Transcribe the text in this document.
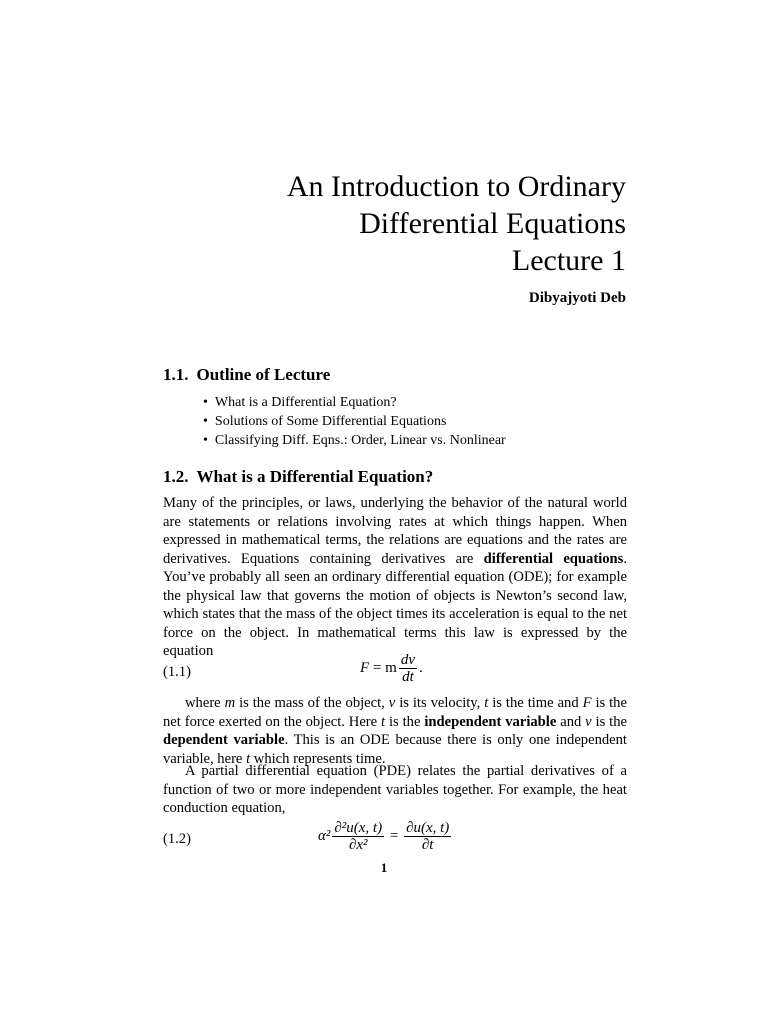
An Introduction to Ordinary
Differential Equations
Lecture 1
Dibyajyoti Deb
1.1. Outline of Lecture
• What is a Differential Equation?
• Solutions of Some Differential Equations
• Classifying Diff. Eqns.: Order, Linear vs. Nonlinear
1.2. What is a Differential Equation?

Many of the principles, or laws, underlying the behavior of the natural world are statements or relations involving rates at which things happen. When expressed in mathematical terms, the relations are equations and the rates are derivatives. Equations containing derivatives are differential equations. You’ve probably all seen an ordinary differential equation (ODE); for example the physical law that governs the motion of objects is Newton’s second law, which states that the mass of the object times its acceleration is equal to the net force on the object. In mathematical terms this law is expressed by the equation

(1.1)	F
= m $\frac{dv}{dt}$ .

where m is the mass of the object, v is its velocity, t is the time and F is the net force exerted on the object. Here t is the independent variable and v is the dependent variable. This is an ODE because there is only one independent variable, here t which represents time.

A partial differential equation (PDE) relates the partial derivatives of a function of two or more independent variables together. For example, the heat conduction equation,

(1.2)	$\alpha^2 \frac{\text{∂²u(x, t)}}{\text{∂x²}}$
=
$\frac{\partial u(x, t)}{\partial t}$
1
